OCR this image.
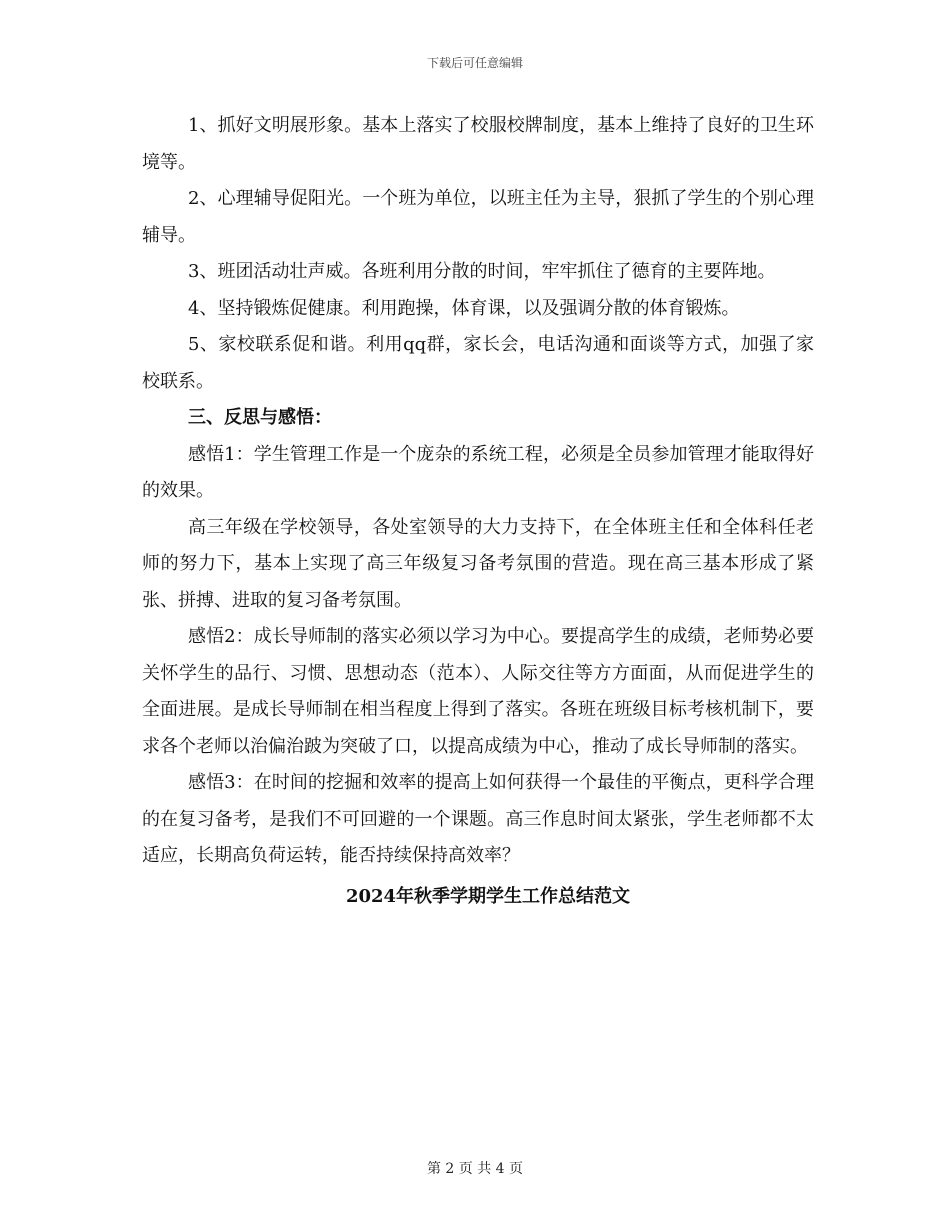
下载后可任意编辑

1、抓好文明展形象。基本上落实了校服校牌制度，基本上维持了良好的卫生环境等。

2、心理辅导促阳光。一个班为单位，以班主任为主导，狠抓了学生的个别心理辅导。

3、班团活动壮声威。各班利用分散的时间，牢牢抓住了德育的主要阵地。

4、坚持锻炼促健康。利用跑操，体育课，以及强调分散的体育锻炼。

5、家校联系促和谐。利用qq群，家长会，电话沟通和面谈等方式，加强了家校联系。

三、反思与感悟：

感悟1：学生管理工作是一个庞杂的系统工程，必须是全员参加管理才能取得好的效果。

高三年级在学校领导，各处室领导的大力支持下，在全体班主任和全体科任老师的努力下，基本上实现了高三年级复习备考氛围的营造。现在高三基本形成了紧张、拼搏、进取的复习备考氛围。

感悟2：成长导师制的落实必须以学习为中心。要提高学生的成绩，老师势必要关怀学生的品行、习惯、思想动态（范本）、人际交往等方方面面，从而促进学生的全面进展。是成长导师制在相当程度上得到了落实。各班在班级目标考核机制下，要求各个老师以治偏治跛为突破了口，以提高成绩为中心，推动了成长导师制的落实。

感悟3：在时间的挖掘和效率的提高上如何获得一个最佳的平衡点，更科学合理的在复习备考，是我们不可回避的一个课题。高三作息时间太紧张，学生老师都不太适应，长期高负荷运转，能否持续保持高效率？

2024年秋季学期学生工作总结范文

第 2 页 共 4 页
